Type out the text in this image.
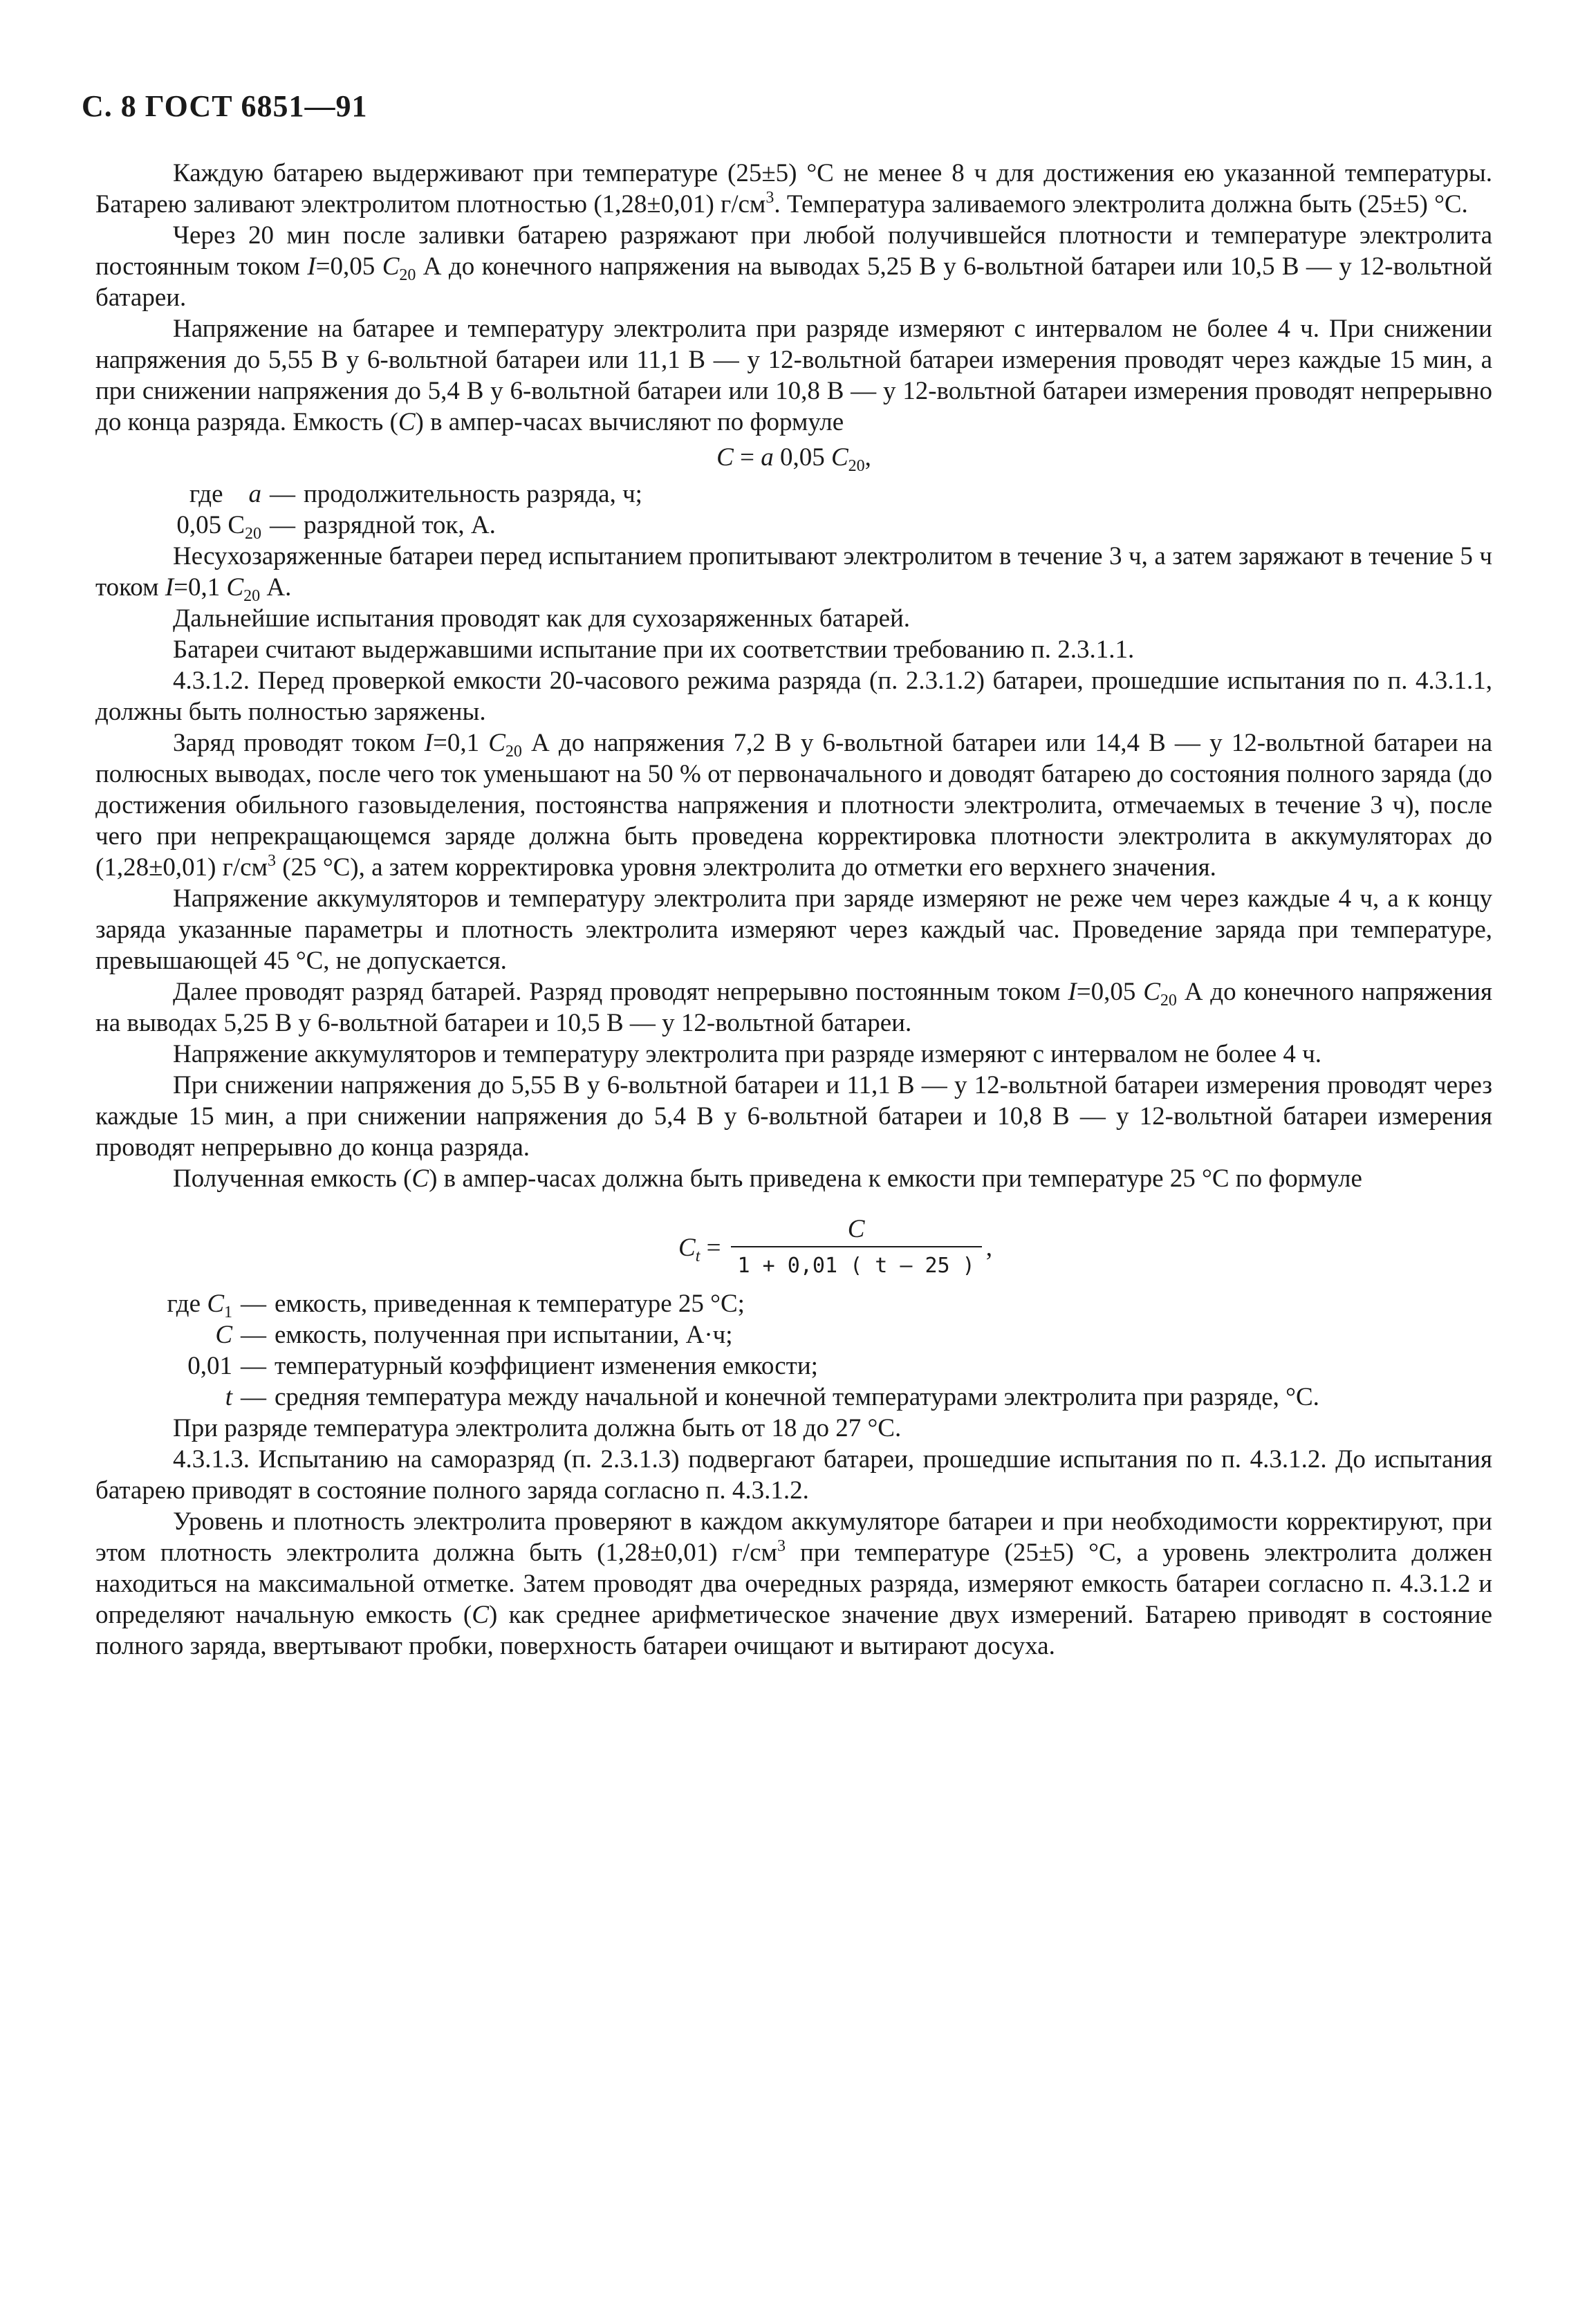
С. 8 ГОСТ 6851—91

Каждую батарею выдерживают при температуре (25±5) °С не менее 8 ч для достижения ею указанной температуры. Батарею заливают электролитом плотностью (1,28±0,01) $г/см^3$. Температура заливаемого электролита должна быть (25±5) °С.

Через 20 мин после заливки батарею разряжают при любой получившейся плотности и температуре электролита постоянным током I=0,05 $C_{20}$ А до конечного напряжения на выводах 5,25 В у 6-вольтной батареи или 10,5 В — у 12-вольтной батареи.

Напряжение на батарее и температуру электролита при разряде измеряют с интервалом не более 4 ч. При снижении напряжения до 5,55 В у 6-вольтной батареи или 11,1 В — у 12-вольтной батареи измерения проводят через каждые 15 мин, а при снижении напряжения до 5,4 В у 6-вольтной батареи или 10,8 В — у 12-вольтной батареи измерения проводят непрерывно до конца разряда. Емкость (C) в ампер-часах вычисляют по формуле

C = a 0,05 $C_{20}$,
где a — продолжительность разряда, ч;
0,05 $C_{20}$ — разрядной ток, А.

Несухозаряженные батареи перед испытанием пропитывают электролитом в течение 3 ч, а затем заряжают в течение 5 ч током I=0,1 $C_{20}$ А.

Дальнейшие испытания проводят как для сухозаряженных батарей.

Батареи считают выдержавшими испытание при их соответствии требованию п. 2.3.1.1.

4.3.1.2. Перед проверкой емкости 20-часового режима разряда (п. 2.3.1.2) батареи, прошедшие испытания по п. 4.3.1.1, должны быть полностью заряжены.

Заряд проводят током I=0,1 $C_{20}$ А до напряжения 7,2 В у 6-вольтной батареи или 14,4 В — у 12-вольтной батареи на полюсных выводах, после чего ток уменьшают на 50 % от первоначального и доводят батарею до состояния полного заряда (до достижения обильного газовыделения, постоянства напряжения и плотности электролита, отмечаемых в течение 3 ч), после чего при непрекращающемся заряде должна быть проведена корректировка плотности электролита в аккумуляторах до (1,28±0,01) $г/см^3$ (25 °С), а затем корректировка уровня электролита до отметки его верхнего значения.

Напряжение аккумуляторов и температуру электролита при заряде измеряют не реже чем через каждые 4 ч, а к концу заряда указанные параметры и плотность электролита измеряют через каждый час. Проведение заряда при температуре, превышающей 45 °С, не допускается.

Далее проводят разряд батарей. Разряд проводят непрерывно постоянным током I=0,05 $C_{20}$ А до конечного напряжения на выводах 5,25 В у 6-вольтной батареи и 10,5 В — у 12-вольтной батареи.

Напряжение аккумуляторов и температуру электролита при разряде измеряют с интервалом не более 4 ч.

При снижении напряжения до 5,55 В у 6-вольтной батареи и 11,1 В — у 12-вольтной батареи измерения проводят через каждые 15 мин, а при снижении напряжения до 5,4 В у 6-вольтной батареи и 10,8 В — у 12-вольтной батареи измерения проводят непрерывно до конца разряда.

Полученная емкость (C) в ампер-часах должна быть приведена к емкости при температуре 25 °С по формуле

$C_t = \frac{C}{1 + 0,01 ( t — 25 )}$ ,
где $C_1$ — емкость, приведенная к температуре 25 °С;
C — емкость, полученная при испытании, А·ч;
0,01 — температурный коэффициент изменения емкости;
t — средняя температура между начальной и конечной температурами электролита при разряде, °С.

При разряде температура электролита должна быть от 18 до 27 °С.

4.3.1.3. Испытанию на саморазряд (п. 2.3.1.3) подвергают батареи, прошедшие испытания по п. 4.3.1.2. До испытания батарею приводят в состояние полного заряда согласно п. 4.3.1.2.

Уровень и плотность электролита проверяют в каждом аккумуляторе батареи и при необходимости корректируют, при этом плотность электролита должна быть (1,28±0,01) $г/см^3$ при температуре (25±5) °С, а уровень электролита должен находиться на максимальной отметке. Затем проводят два очередных разряда, измеряют емкость батареи согласно п. 4.3.1.2 и определяют начальную емкость (C) как среднее арифметическое значение двух измерений. Батарею приводят в состояние полного заряда, ввертывают пробки, поверхность батареи очищают и вытирают досуха.
